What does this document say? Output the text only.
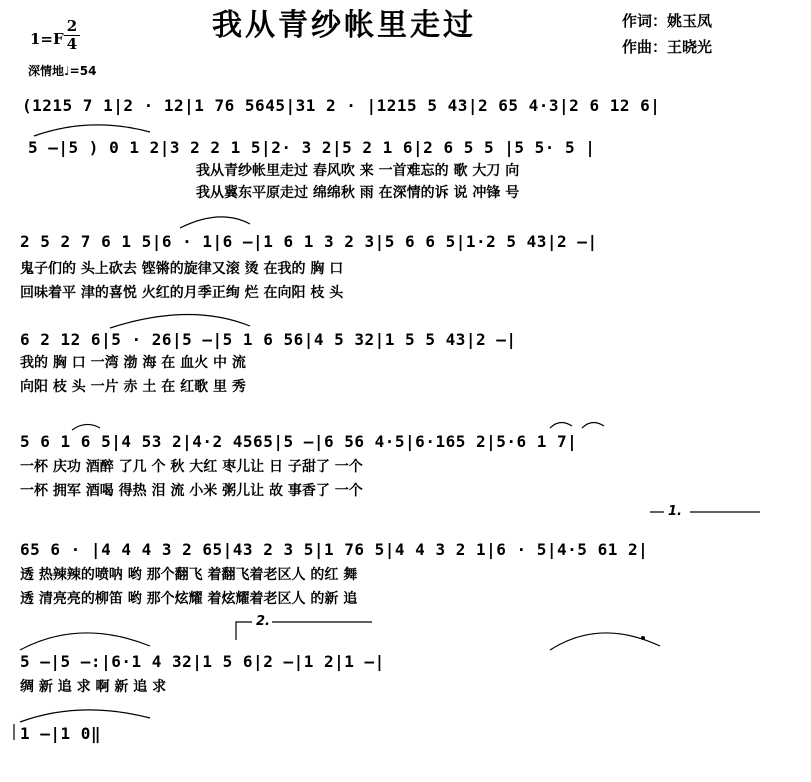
我从青纱帐里走过
$1=F \frac{2}{4}$
深情地♩=54
作词：姚玉凤
作曲：王晓光
(1215 7 1|2 · 12|1 76 5645|31 2 · |1215 5 43|2 65 4·3|2 6 12 6|
5 —|5 ) 0 1 2|3 2 2 1 5|2· 3 2|5 2 1 6|2 6 5 5 |5 5· 5 |
我从青纱帐里走过 春风吹 来 一首难忘的 歌 大刀 向
我从冀东平原走过 绵绵秋 雨 在深情的诉 说 冲锋 号
2 5 2 7 6 1 5|6 · 1|6 —|1 6 1 3 2 3|5 6 6 5|1·2 5 43|2 —|
鬼子们的 头上砍去 铿锵的旋律又滚 烫 在我的 胸 口
回味着平 津的喜悦 火红的月季正绚 烂 在向阳 枝 头
6 2 12 6|5 · 26|5 —|5 1 6 56|4 5 32|1 5 5 43|2 —|
我的 胸 口 一湾 渤 海 在 血火 中 流
向阳 枝 头 一片 赤 土 在 红歌 里 秀
5 6 1 6 5|4 53 2|4·2 4565|5 —|6 56 4·5|6·165 2|5·6 1 7|
一杯 庆功 酒醉 了几 个 秋 大红 枣儿让 日 子甜了 一个
一杯 拥军 酒喝 得热 泪 流 小米 粥儿让 故 事香了 一个
1.
65 6 · |4 4 4 3 2 65|43 2 3 5|1 76 5|4 4 3 2 1|6 · 5|4·5 61 2|
透 热辣辣的喷呐 哟 那个翻飞 着翻飞着老区人 的红 舞
透 清亮亮的柳笛 哟 那个炫耀 着炫耀着老区人 的新 追
2.
5 —|5 —:|6·1 4 32|1 5 6|2 —|1 2|1 —|
绸 新 追 求 啊 新 追 求
1 —|1 0‖
